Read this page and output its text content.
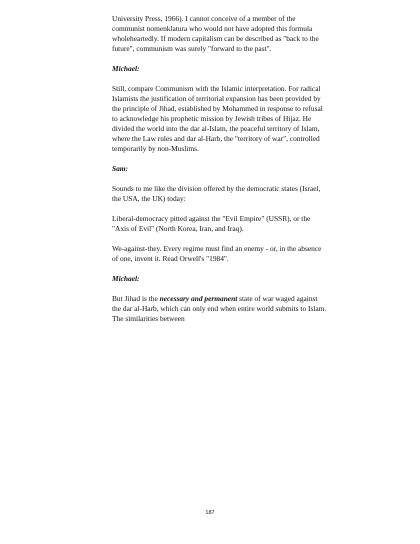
University Press, 1966). I cannot conceive of a member of the communist nomenklatura who would not have adopted this formula wholeheartedly. If modern capitalism can be described as "back to the future", communism was surely "forward to the past".

Michael:

Still, compare Communism with the Islamic interpretation. For radical Islamists the justification of territorial expansion has been provided by the principle of Jihad, established by Mohammed in response to refusal to acknowledge his prophetic mission by Jewish tribes of Hijaz. He divided the world into the dar al-Islam, the peaceful territory of Islam, where the Law rules and dar al-Harb, the "territory of war", controlled temporarily by non-Muslims.

Sam:

Sounds to me like the division offered by the democratic states (Israel, the USA, the UK) today:

Liberal-democracy pitted against the "Evil Empire" (USSR), or the "Axis of Evil" (North Korea, Iran, and Iraq).

We-against-they. Every regime must find an enemy - or, in the absence of one, invent it. Read Orwell's "1984".

Michael:

But Jihad is the necessary and permanent state of war waged against the dar al-Harb, which can only end when entire world submits to Islam. The similarities between

187
